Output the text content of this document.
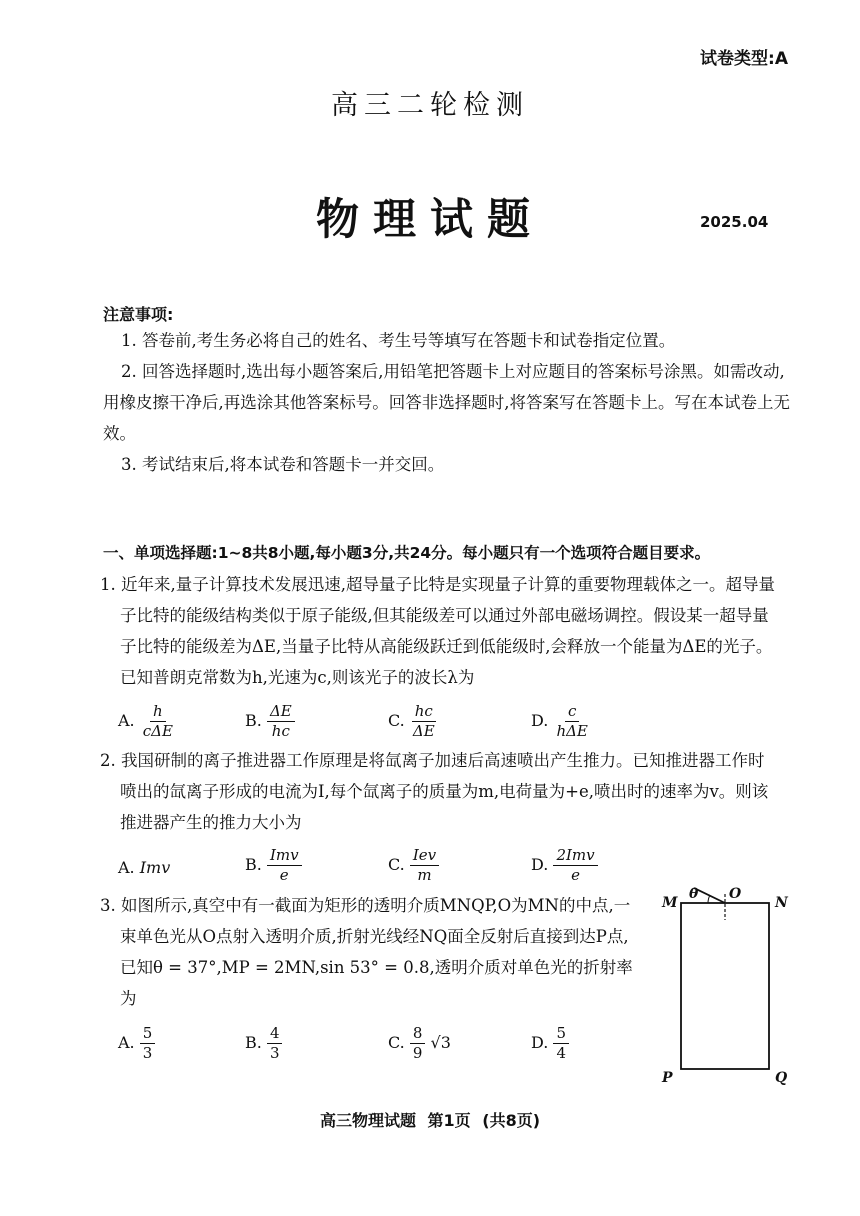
试卷类型:A
高三二轮检测
物理试题	2025.04
注意事项:

1. 答卷前,考生务必将自己的姓名、考生号等填写在答题卡和试卷指定位置。

2. 回答选择题时,选出每小题答案后,用铅笔把答题卡上对应题目的答案标号涂黑。如需改动,用橡皮擦干净后,再选涂其他答案标号。回答非选择题时,将答案写在答题卡上。写在本试卷上无效。

3. 考试结束后,将本试卷和答题卡一并交回。

一、单项选择题:1~8共8小题,每小题3分,共24分。每小题只有一个选项符合题目要求。

1. 近年来,量子计算技术发展迅速,超导量子比特是实现量子计算的重要物理载体之一。超导量子比特的能级结构类似于原子能级,但其能级差可以通过外部电磁场调控。假设某一超导量子比特的能级差为ΔE,当量子比特从高能级跃迁到低能级时,会释放一个能量为ΔE的光子。已知普朗克常数为h,光速为c,则该光子的波长λ为

A. $\frac{h}{\text{cΔE}}$	B. $\frac{\Delta E}{hc}$	C. $\frac{hc}{\Delta E}$	D. $\frac{c}{\text{hΔE}}$

2. 我国研制的离子推进器工作原理是将氙离子加速后高速喷出产生推力。已知推进器工作时喷出的氙离子形成的电流为I,每个氙离子的质量为m,电荷量为+e,喷出时的速率为v。则该推进器产生的推力大小为

A. Imv	B. $\frac{\text{Imv}}{e}$	C. $\frac{\text{Iev}}{m}$	D. $\frac{\text{2Imv}}{e}$

3. 如图所示,真空中有一截面为矩形的透明介质MNQP,O为MN的中点,一束单色光从O点射入透明介质,折射光线经NQ面全反射后直接到达P点,已知θ = 37°,MP = 2MN,sin 53° = 0.8,透明介质对单色光的折射率为

A. $\frac{5}{3}$	B. $\frac{4}{3}$	C. $\frac{8}{9} √3$	D. $\frac{5}{4}$
M	N
O
θ
P	Q
高三物理试题 第1页 (共8页)
